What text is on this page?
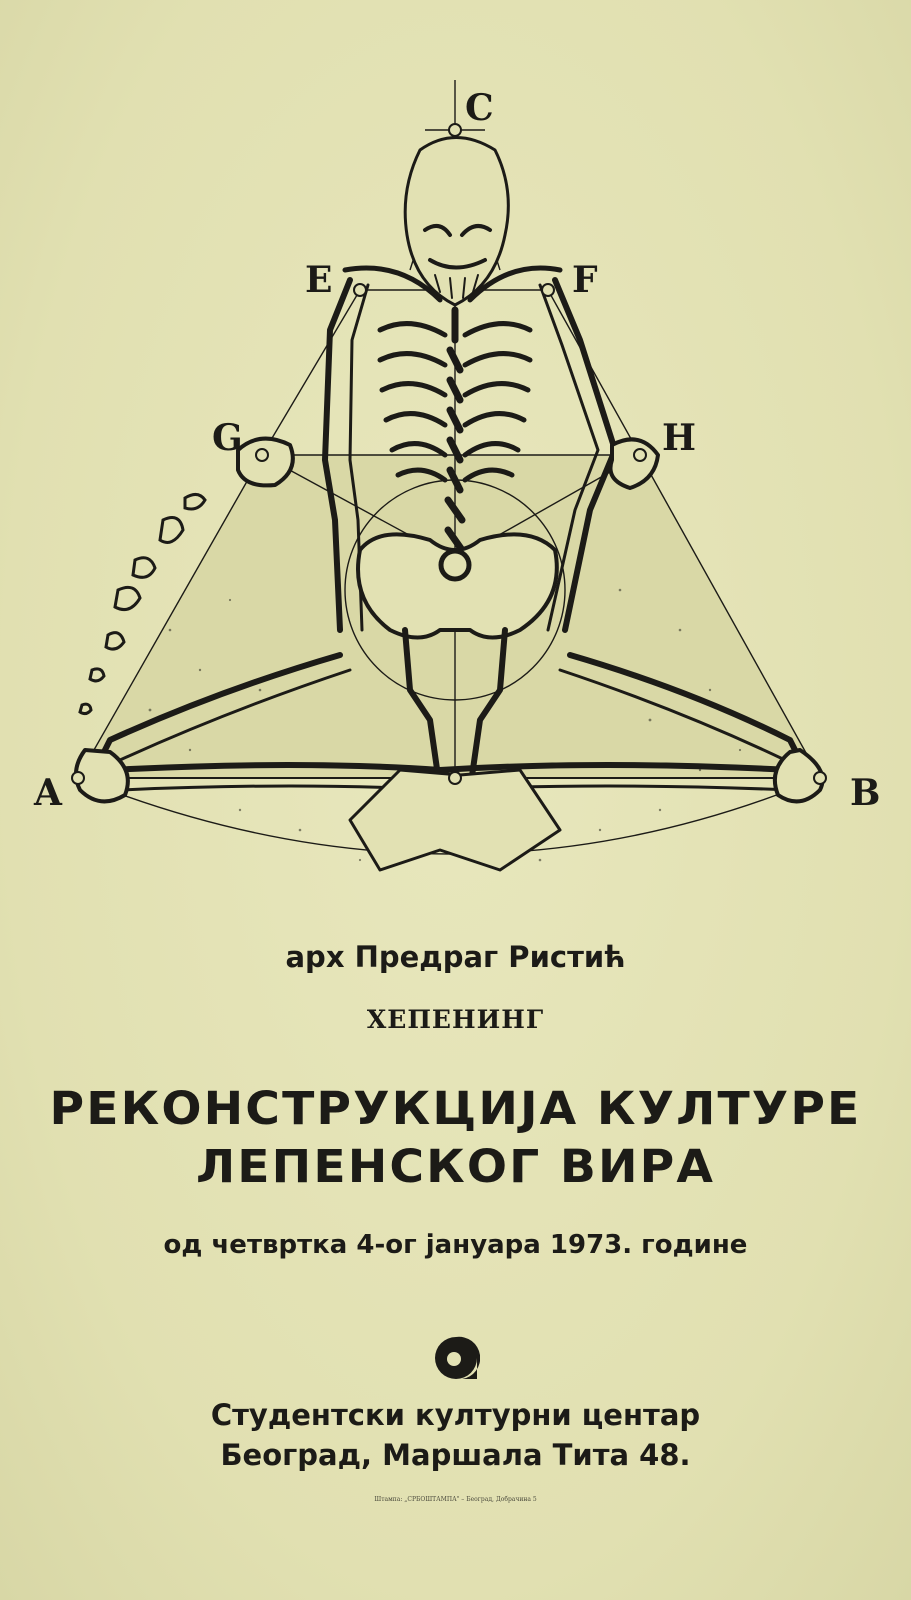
C
E	F
G	H
A	B
арх Предраг Ристић
ХЕПЕНИНГ
РЕКОНСТРУКЦИЈА КУЛТУРЕ
ЛЕПЕНСКОГ ВИРА
од четвртка 4-ог јануара 1973. године
Студентски културни центар
Београд, Маршала Тита 48.
Штампа: „СРБОШТАМПА" – Београд, Добрачина 5
